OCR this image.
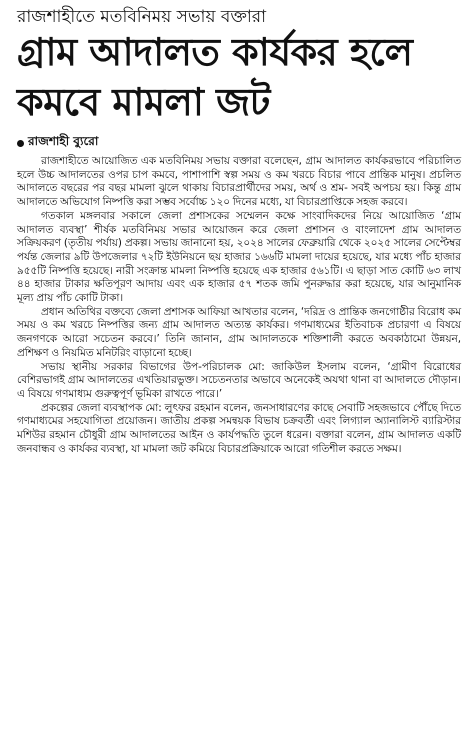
রাজশাহীতে মতবিনিময় সভায় বক্তারা
গ্রাম আদালত কার্যকর হলে
কমবে মামলা জট
রাজশাহী ব্যুরো

রাজশাহীতে আয়োজিত এক মতবিনিময় সভায় বক্তারা বলেছেন, গ্রাম আদালত কার্যকরভাবে পরিচালিত হলে উচ্চ আদালতের ওপর চাপ কমবে, পাশাপাশি স্বল্প সময় ও কম খরচে বিচার পাবে প্রান্তিক মানুষ। প্রচলিত আদালতে বছরের পর বছর মামলা ঝুলে থাকায় বিচারপ্রার্থীদের সময়, অর্থ ও শ্রম- সবই অপচয় হয়। কিন্তু গ্রাম আদালতে অভিযোগ নিষ্পত্তি করা সম্ভব সর্বোচ্চ ১২০ দিনের মধ্যে, যা বিচারপ্রাপ্তিকে সহজ করবে।

গতকাল মঙ্গলবার সকালে জেলা প্রশাসকের সম্মেলন কক্ষে সাংবাদিকদের নিয়ে আয়োজিত ‘গ্রাম আদালত ব্যবস্থা’ শীর্ষক মতবিনিময় সভার আয়োজন করে জেলা প্রশাসন ও বাংলাদেশ গ্রাম আদালত সক্রিয়করণ (তৃতীয় পর্যায়) প্রকল্প। সভায় জানানো হয়, ২০২৪ সালের ফেব্রুয়ারি থেকে ২০২৫ সালের সেপ্টেম্বর পর্যন্ত জেলার ৯টি উপজেলার ৭২টি ইউনিয়নে ছয় হাজার ১৬৬টি মামলা দায়ের হয়েছে, যার মধ্যে পাঁচ হাজার ৯৫৫টি নিষ্পত্তি হয়েছে। নারী সংক্রান্ত মামলা নিষ্পত্তি হয়েছে এক হাজার ৫৬১টি। এ ছাড়া সাত কোটি ৬৩ লাখ ৪৪ হাজার টাকার ক্ষতিপূরণ আদায় এবং এক হাজার ৫৭ শতক জমি পুনরুদ্ধার করা হয়েছে, যার আনুমানিক মূল্য প্রায় পাঁচ কোটি টাকা।

প্রধান অতিথির বক্তব্যে জেলা প্রশাসক আফিয়া আখতার বলেন, ‘দরিদ্র ও প্রান্তিক জনগোষ্ঠীর বিরোধ কম সময় ও কম খরচে নিষ্পত্তির জন্য গ্রাম আদালত অত্যন্ত কার্যকর। গণমাধ্যমের ইতিবাচক প্রচারণা এ বিষয়ে জনগণকে আরো সচেতন করবে।’ তিনি জানান, গ্রাম আদালতকে শক্তিশালী করতে অবকাঠামো উন্নয়ন, প্রশিক্ষণ ও নিয়মিত মনিটরিং বাড়ানো হচ্ছে।

সভায় স্থানীয় সরকার বিভাগের উপ-পরিচালক মো: জাকিউল ইসলাম বলেন, ‘গ্রামীণ বিরোধের বেশিরভাগই গ্রাম আদালতের এখতিয়ারভুক্ত। সচেতনতার অভাবে অনেকেই অযথা থানা বা আদালতে দৌড়ান। এ বিষয়ে গণমাধ্যম গুরুত্বপূর্ণ ভূমিকা রাখতে পারে।’

প্রকল্পের জেলা ব্যবস্থাপক মো: লুৎফর রহমান বলেন, জনসাধারণের কাছে সেবাটি সহজভাবে পৌঁছে দিতে গণমাধ্যমের সহযোগিতা প্রয়োজন। জাতীয় প্রকল্প সমন্বয়ক বিভাষ চক্রবর্তী এবং লিগ্যাল অ্যানালিস্ট ব্যারিস্টার মশিউর রহমান চৌধুরী গ্রাম আদালতের আইন ও কার্যপদ্ধতি তুলে ধরেন। বক্তারা বলেন, গ্রাম আদালত একটি জনবান্ধব ও কার্যকর ব্যবস্থা, যা মামলা জট কমিয়ে বিচারপ্রক্রিয়াকে আরো গতিশীল করতে সক্ষম।
